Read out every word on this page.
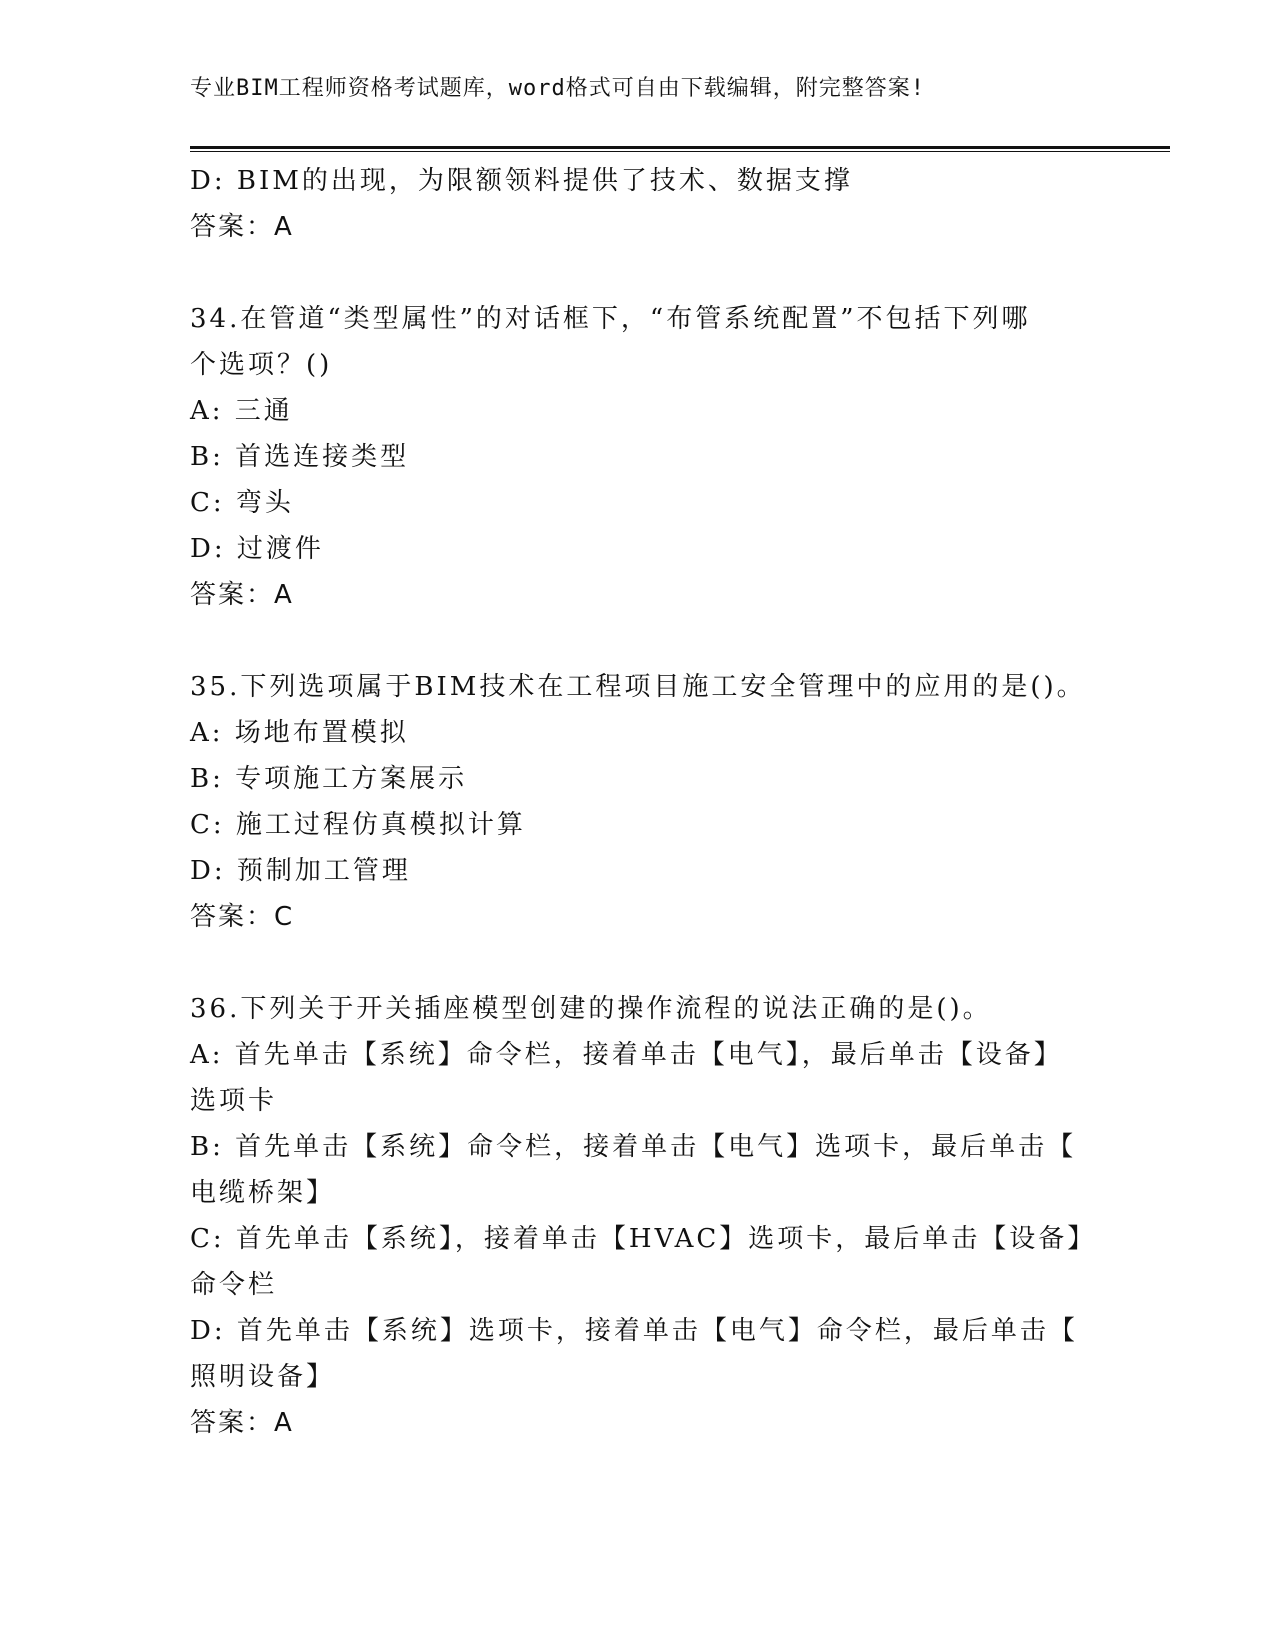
专业BIM工程师资格考试题库，word格式可自由下载编辑，附完整答案!
D: BIM的出现，为限额领料提供了技术、数据支撑
答案：A
34.在管道“类型属性”的对话框下，“布管系统配置”不包括下列哪
个选项？()
A: 三通
B: 首选连接类型
C: 弯头
D: 过渡件
答案：A
35.下列选项属于BIM技术在工程项目施工安全管理中的应用的是()。
A: 场地布置模拟
B: 专项施工方案展示
C: 施工过程仿真模拟计算
D: 预制加工管理
答案：C
36.下列关于开关插座模型创建的操作流程的说法正确的是()。
A: 首先单击【系统】命令栏，接着单击【电气】，最后单击【设备】
选项卡
B: 首先单击【系统】命令栏，接着单击【电气】选项卡，最后单击【
电缆桥架】
C: 首先单击【系统】，接着单击【HVAC】选项卡，最后单击【设备】
命令栏
D: 首先单击【系统】选项卡，接着单击【电气】命令栏，最后单击【
照明设备】
答案：A
